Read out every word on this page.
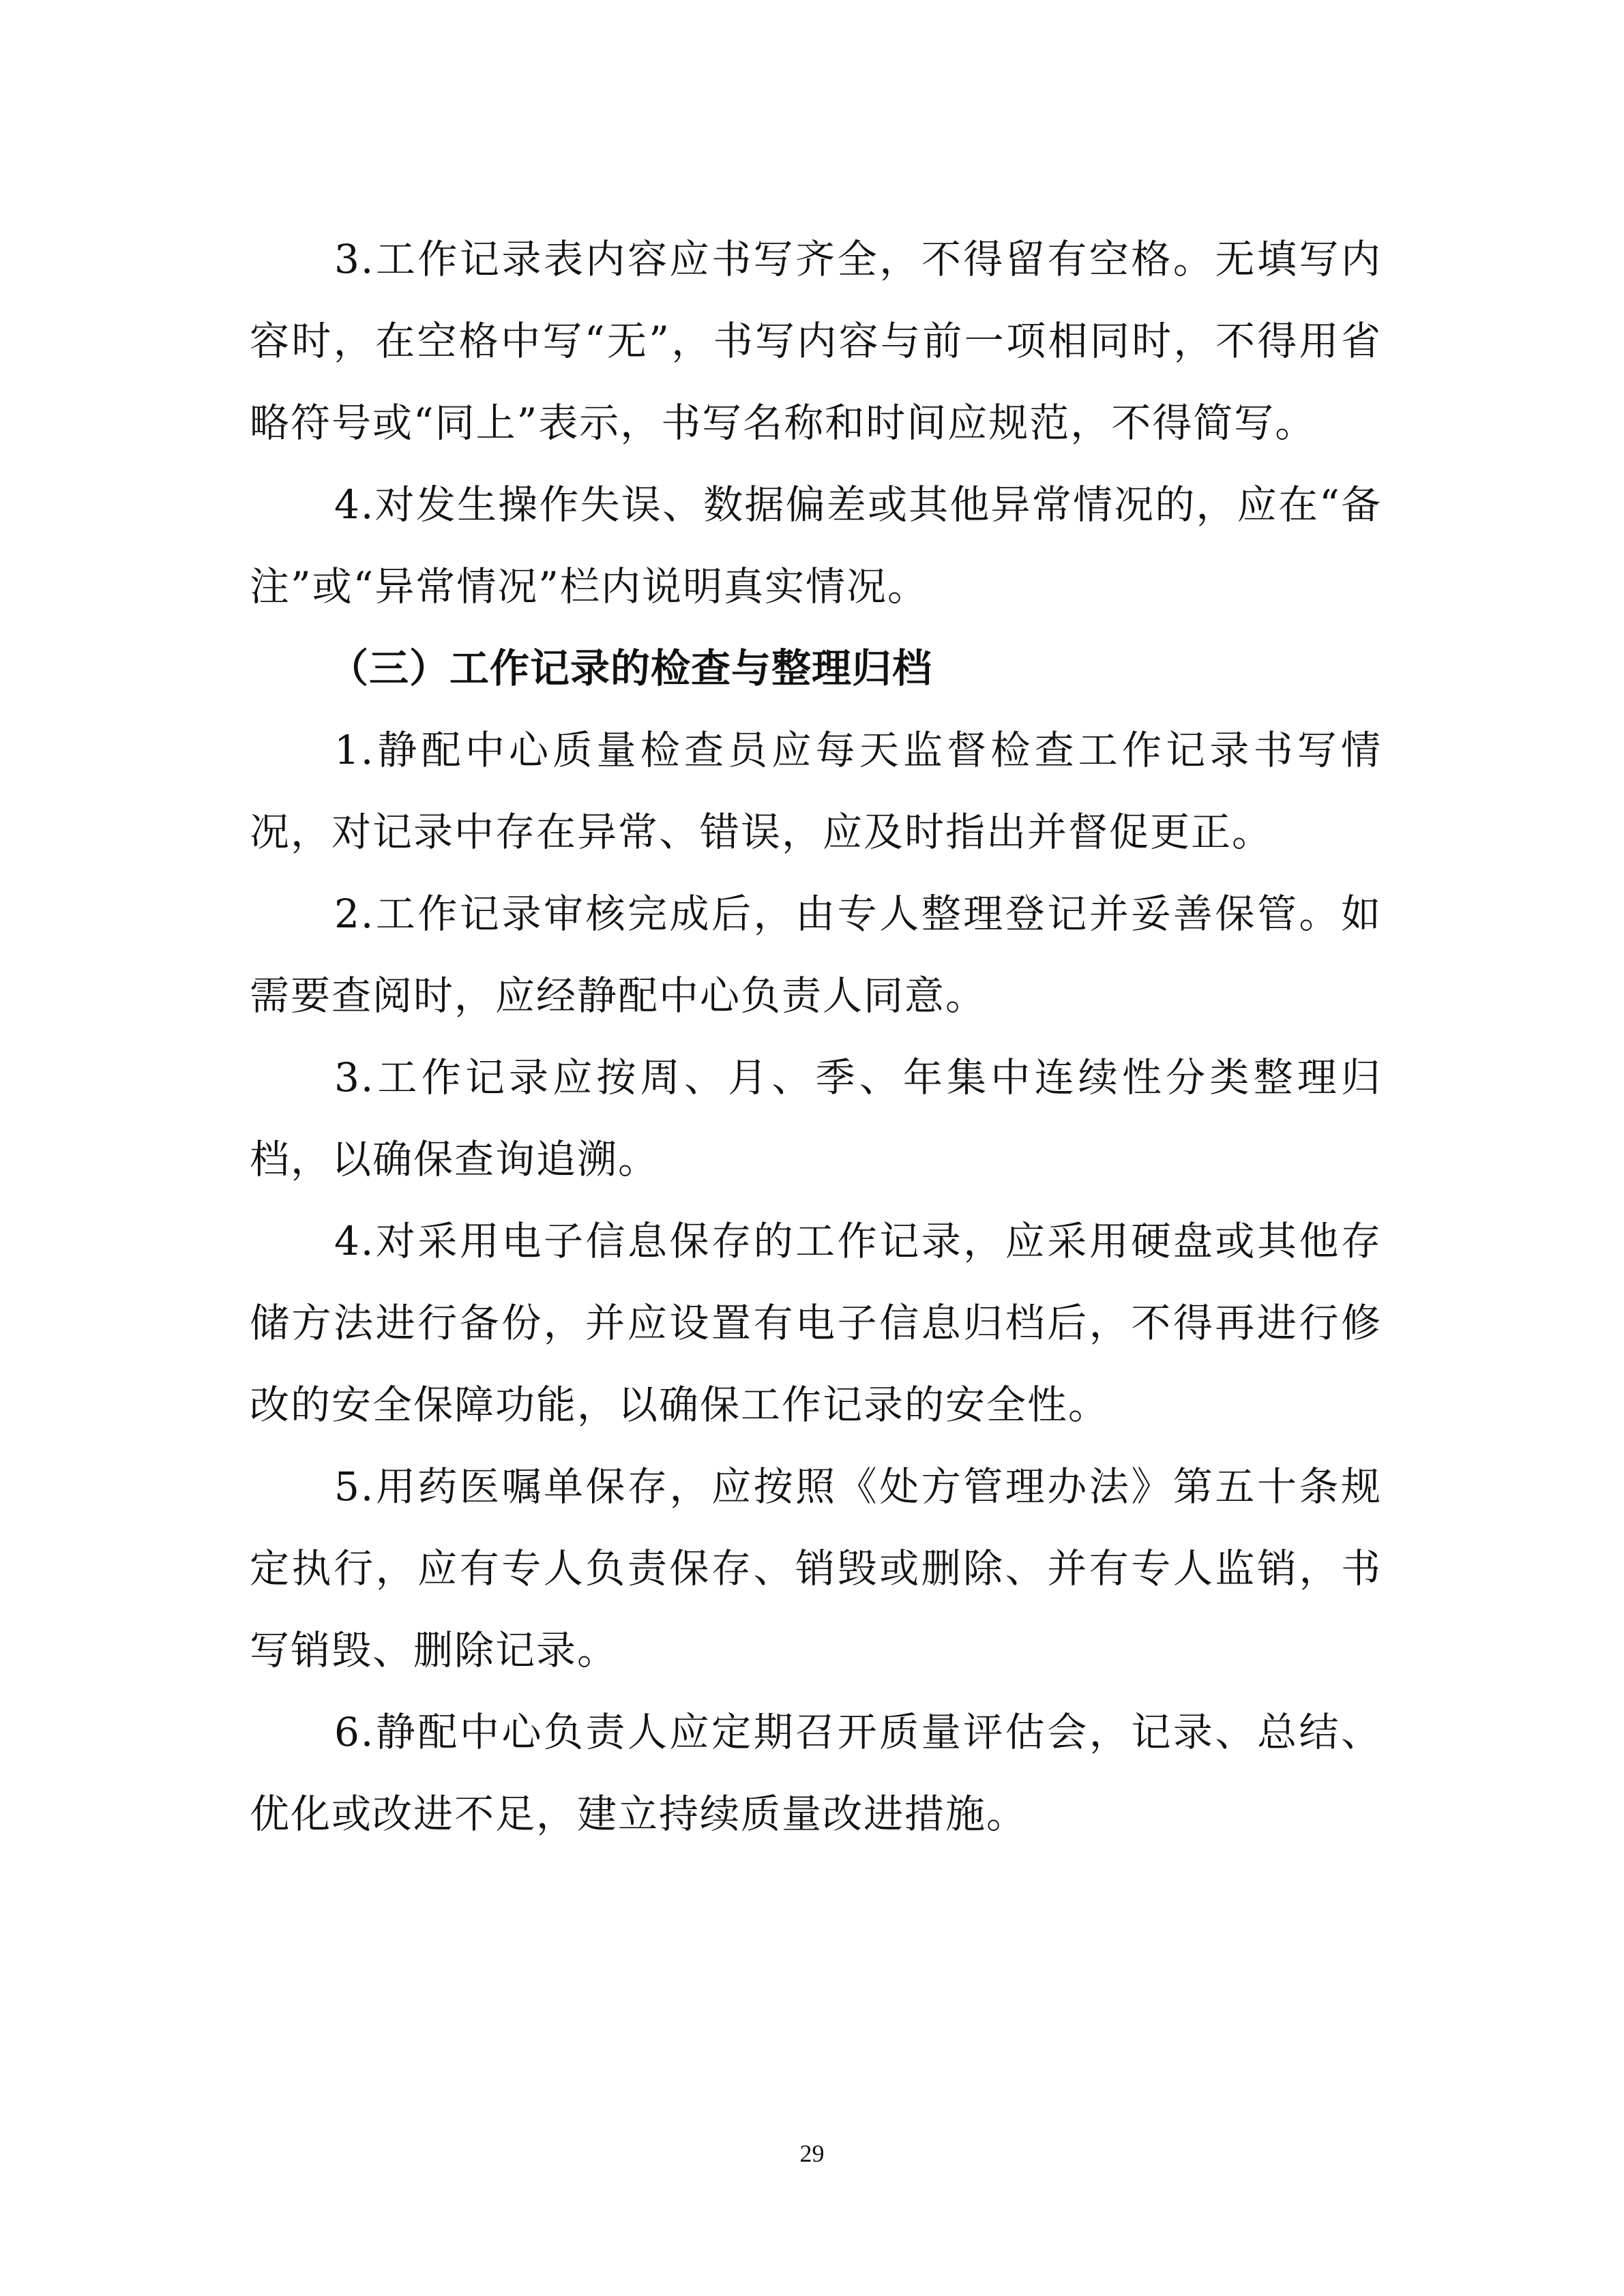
3.工作记录表内容应书写齐全，不得留有空格。无填写内容时，在空格中写“无”，书写内容与前一项相同时，不得用省略符号或“同上”表示，书写名称和时间应规范，不得简写。

4.对发生操作失误、数据偏差或其他异常情况的，应在“备注”或“异常情况”栏内说明真实情况。

（三）工作记录的检查与整理归档

1.静配中心质量检查员应每天监督检查工作记录书写情况，对记录中存在异常、错误，应及时指出并督促更正。

2.工作记录审核完成后，由专人整理登记并妥善保管。如需要查阅时，应经静配中心负责人同意。

3.工作记录应按周、月、季、年集中连续性分类整理归档，以确保查询追溯。

4.对采用电子信息保存的工作记录，应采用硬盘或其他存储方法进行备份，并应设置有电子信息归档后，不得再进行修改的安全保障功能，以确保工作记录的安全性。

5.用药医嘱单保存，应按照《处方管理办法》第五十条规定执行，应有专人负责保存、销毁或删除、并有专人监销，书写销毁、删除记录。

6.静配中心负责人应定期召开质量评估会，记录、总结、优化或改进不足，建立持续质量改进措施。

29
